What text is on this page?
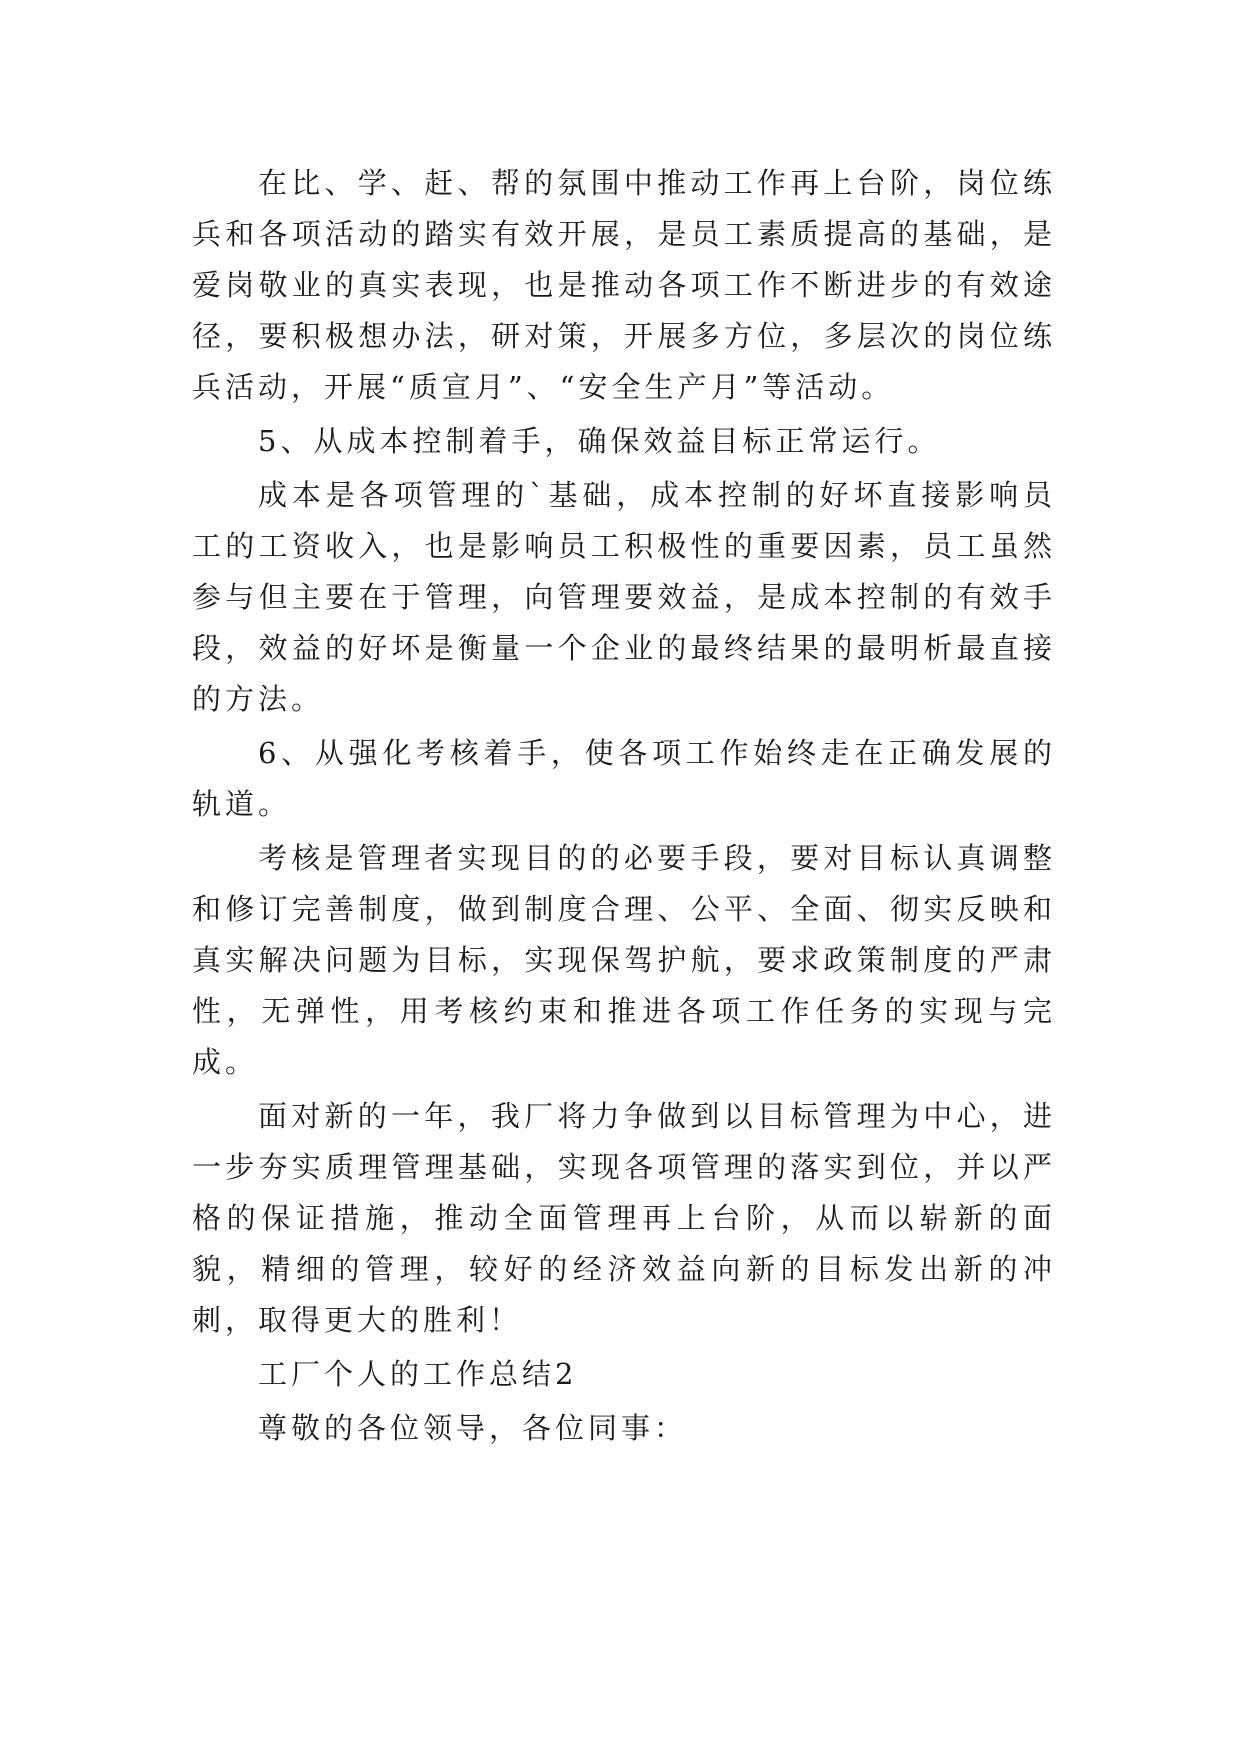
在比、学、赶、帮的氛围中推动工作再上台阶，岗位练兵和各项活动的踏实有效开展，是员工素质提高的基础，是爱岗敬业的真实表现，也是推动各项工作不断进步的有效途径，要积极想办法，研对策，开展多方位，多层次的岗位练兵活动，开展“质宣月”、“安全生产月”等活动。

5、从成本控制着手，确保效益目标正常运行。

成本是各项管理的`基础，成本控制的好坏直接影响员工的工资收入，也是影响员工积极性的重要因素，员工虽然参与但主要在于管理，向管理要效益，是成本控制的有效手段，效益的好坏是衡量一个企业的最终结果的最明析最直接的方法。

6、从强化考核着手，使各项工作始终走在正确发展的轨道。

考核是管理者实现目的的必要手段，要对目标认真调整和修订完善制度，做到制度合理、公平、全面、彻实反映和真实解决问题为目标，实现保驾护航，要求政策制度的严肃性，无弹性，用考核约束和推进各项工作任务的实现与完成。

面对新的一年，我厂将力争做到以目标管理为中心，进一步夯实质理管理基础，实现各项管理的落实到位，并以严格的保证措施，推动全面管理再上台阶，从而以崭新的面貌，精细的管理，较好的经济效益向新的目标发出新的冲刺，取得更大的胜利！

工厂个人的工作总结2

尊敬的各位领导，各位同事：
